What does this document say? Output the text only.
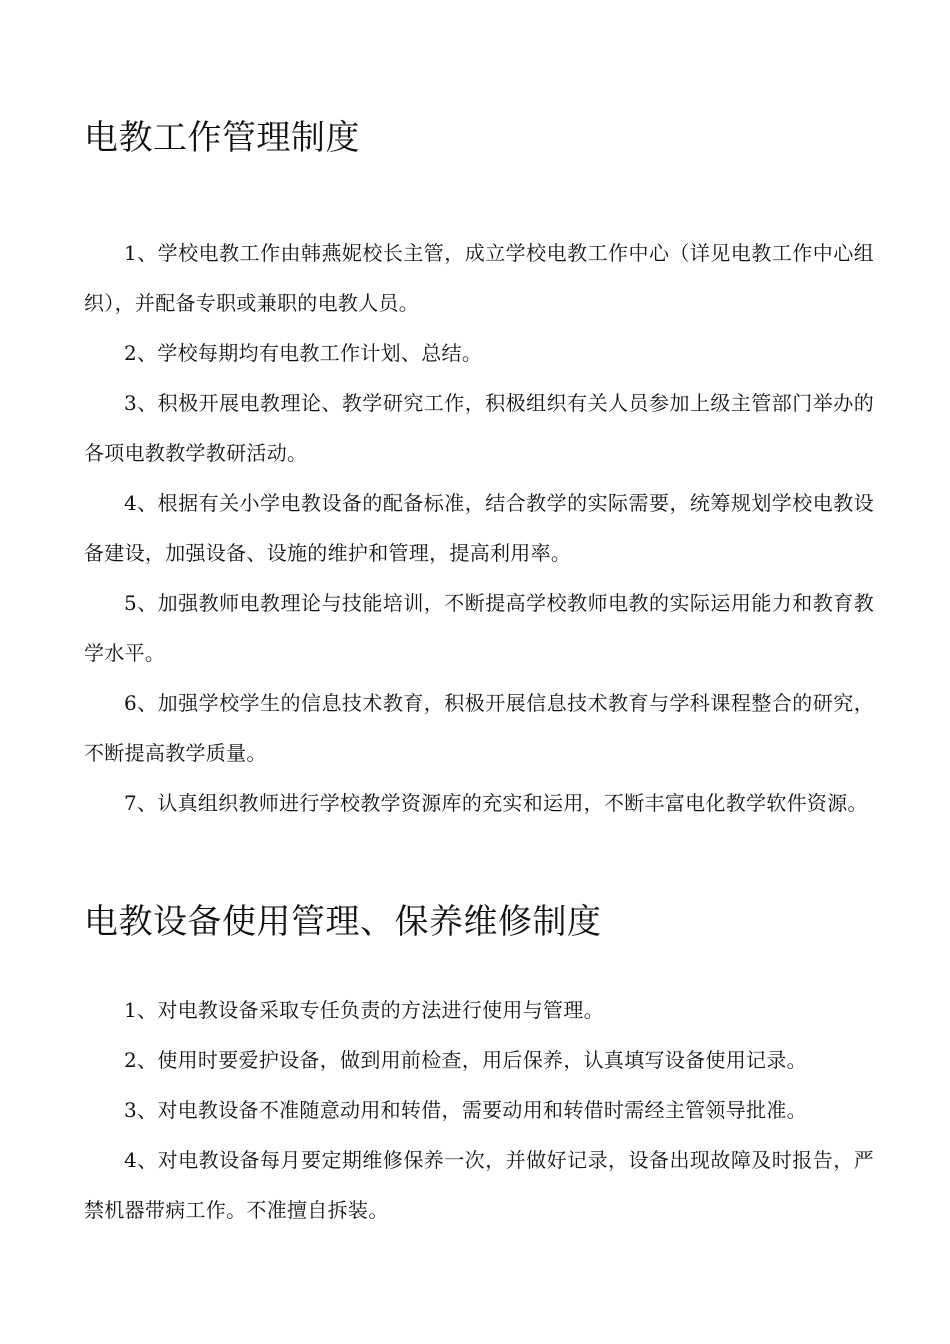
电教工作管理制度

1、学校电教工作由韩燕妮校长主管，成立学校电教工作中心（详见电教工作中心组织），并配备专职或兼职的电教人员。

2、学校每期均有电教工作计划、总结。

3、积极开展电教理论、教学研究工作，积极组织有关人员参加上级主管部门举办的各项电教教学教研活动。

4、根据有关小学电教设备的配备标准，结合教学的实际需要，统筹规划学校电教设备建设，加强设备、设施的维护和管理，提高利用率。

5、加强教师电教理论与技能培训，不断提高学校教师电教的实际运用能力和教育教学水平。

6、加强学校学生的信息技术教育，积极开展信息技术教育与学科课程整合的研究，不断提高教学质量。

7、认真组织教师进行学校教学资源库的充实和运用，不断丰富电化教学软件资源。

电教设备使用管理、保养维修制度

1、对电教设备采取专任负责的方法进行使用与管理。

2、使用时要爱护设备，做到用前检查，用后保养，认真填写设备使用记录。

3、对电教设备不准随意动用和转借，需要动用和转借时需经主管领导批准。

4、对电教设备每月要定期维修保养一次，并做好记录，设备出现故障及时报告，严禁机器带病工作。不准擅自拆装。
